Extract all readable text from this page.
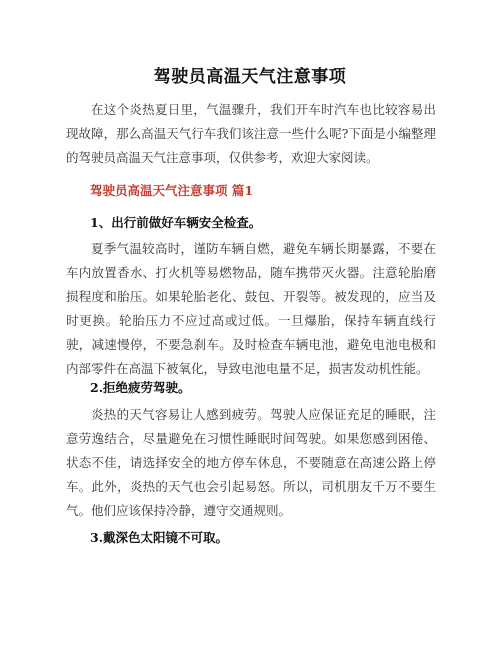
驾驶员高温天气注意事项
在这个炎热夏日里，气温骤升，我们开车时汽车也比较容易出现故障，那么高温天气行车我们该注意一些什么呢?下面是小编整理的驾驶员高温天气注意事项，仅供参考，欢迎大家阅读。
驾驶员高温天气注意事项 篇1
1、出行前做好车辆安全检查。
夏季气温较高时，谨防车辆自燃，避免车辆长期暴露，不要在车内放置香水、打火机等易燃物品，随车携带灭火器。注意轮胎磨损程度和胎压。如果轮胎老化、鼓包、开裂等。被发现的，应当及时更换。轮胎压力不应过高或过低。一旦爆胎，保持车辆直线行驶，减速慢停，不要急刹车。及时检查车辆电池，避免电池电极和内部零件在高温下被氧化，导致电池电量不足，损害发动机性能。
2.拒绝疲劳驾驶。
炎热的天气容易让人感到疲劳。驾驶人应保证充足的睡眠，注意劳逸结合，尽量避免在习惯性睡眠时间驾驶。如果您感到困倦、状态不佳，请选择安全的地方停车休息，不要随意在高速公路上停车。此外，炎热的天气也会引起易怒。所以，司机朋友千万不要生气。他们应该保持冷静，遵守交通规则。
3.戴深色太阳镜不可取。
